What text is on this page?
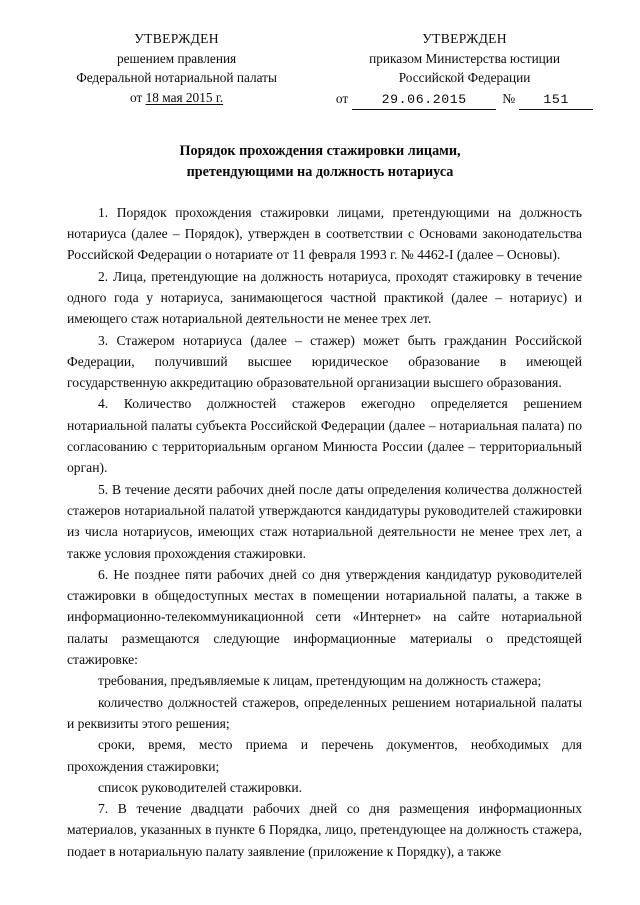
УТВЕРЖДЕН
решением правления
Федеральной нотариальной палаты
от 18 мая 2015 г.
УТВЕРЖДЕН
приказом Министерства юстиции
Российской Федерации
от	29.06.2015	№	151
Порядок прохождения стажировки лицами,
претендующими на должность нотариуса

1. Порядок прохождения стажировки лицами, претендующими на должность нотариуса (далее – Порядок), утвержден в соответствии с Основами законодательства Российской Федерации о нотариате от 11 февраля 1993 г. № 4462-I (далее – Основы).

2. Лица, претендующие на должность нотариуса, проходят стажировку в течение одного года у нотариуса, занимающегося частной практикой (далее – нотариус) и имеющего стаж нотариальной деятельности не менее трех лет.

3. Стажером нотариуса (далее – стажер) может быть гражданин Российской Федерации, получивший высшее юридическое образование в имеющей государственную аккредитацию образовательной организации высшего образования.

4. Количество должностей стажеров ежегодно определяется решением нотариальной палаты субъекта Российской Федерации (далее – нотариальная палата) по согласованию с территориальным органом Минюста России (далее – территориальный орган).

5. В течение десяти рабочих дней после даты определения количества должностей стажеров нотариальной палатой утверждаются кандидатуры руководителей стажировки из числа нотариусов, имеющих стаж нотариальной деятельности не менее трех лет, а также условия прохождения стажировки.

6. Не позднее пяти рабочих дней со дня утверждения кандидатур руководителей стажировки в общедоступных местах в помещении нотариальной палаты, а также в информационно-телекоммуникационной сети «Интернет» на сайте нотариальной палаты размещаются следующие информационные материалы о предстоящей стажировке:

требования, предъявляемые к лицам, претендующим на должность стажера;

количество должностей стажеров, определенных решением нотариальной палаты и реквизиты этого решения;

сроки, время, место приема и перечень документов, необходимых для прохождения стажировки;

список руководителей стажировки.

7. В течение двадцати рабочих дней со дня размещения информационных материалов, указанных в пункте 6 Порядка, лицо, претендующее на должность стажера, подает в нотариальную палату заявление (приложение к Порядку), а также
